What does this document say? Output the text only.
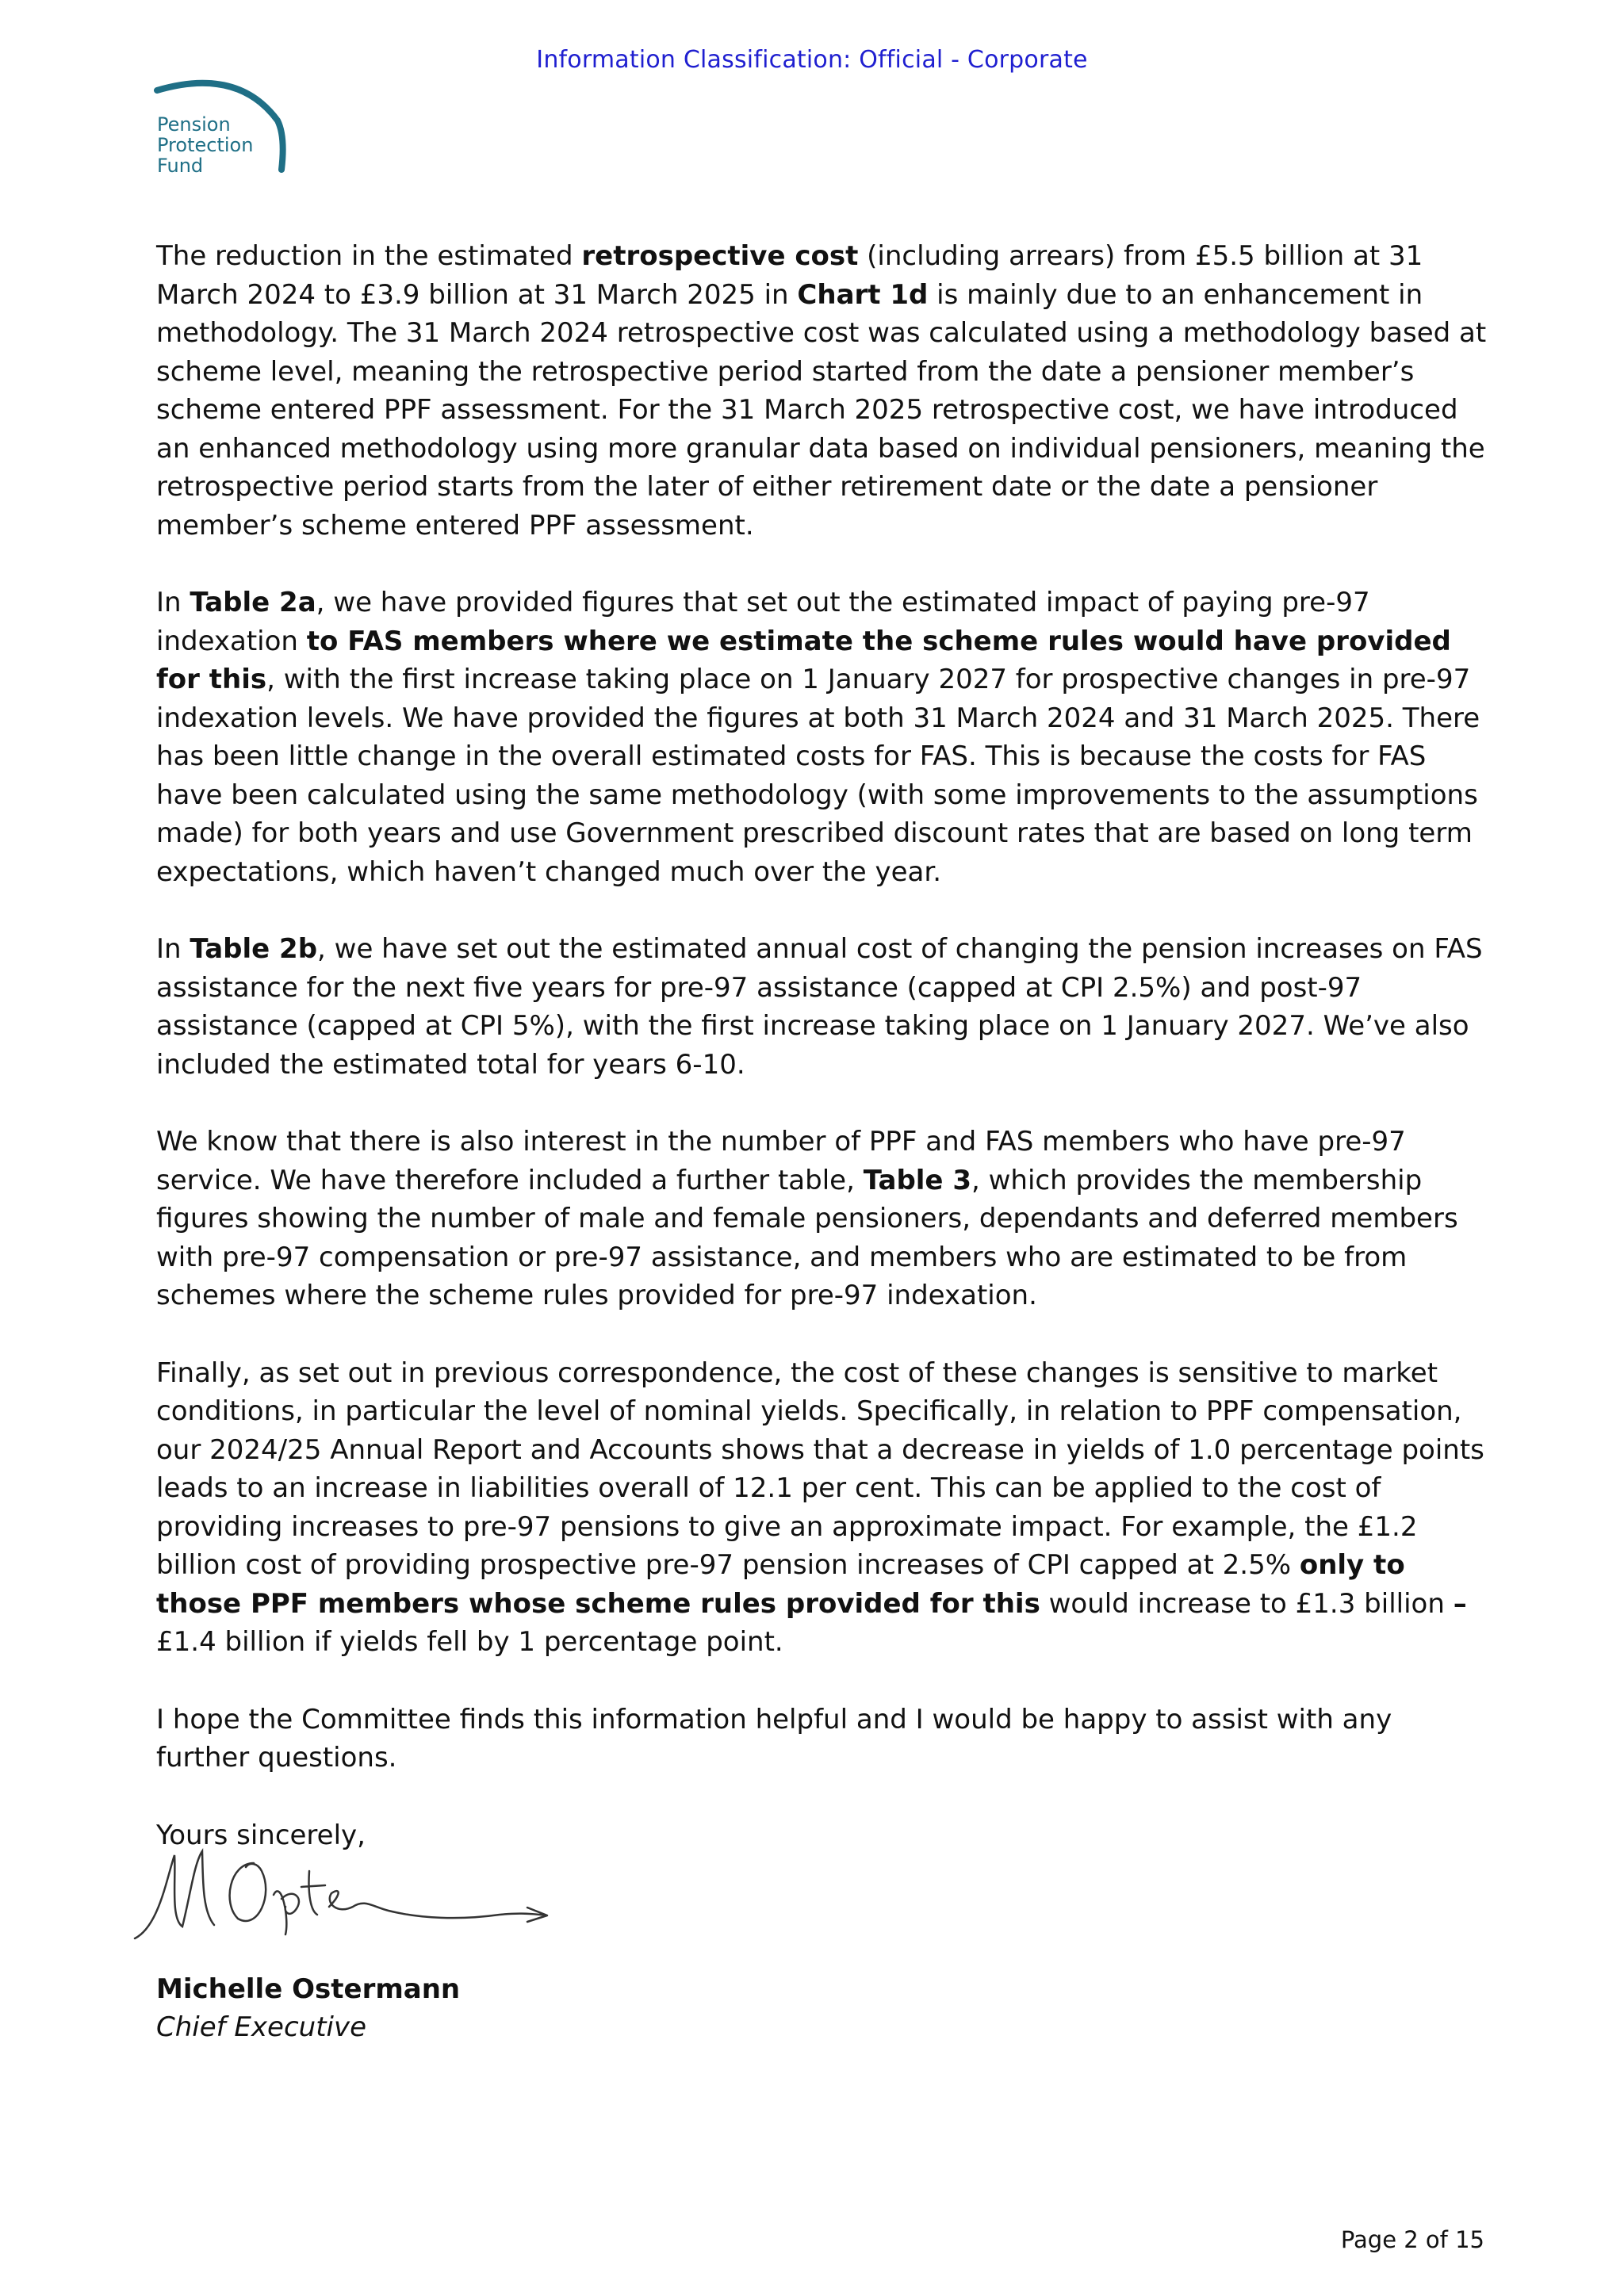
Information Classification: Official - Corporate
Pension
Protection
Fund

The reduction in the estimated retrospective cost (including arrears) from £5.5 billion at 31 March 2024 to £3.9 billion at 31 March 2025 in Chart 1d is mainly due to an enhancement in methodology. The 31 March 2024 retrospective cost was calculated using a methodology based at scheme level, meaning the retrospective period started from the date a pensioner member’s scheme entered PPF assessment. For the 31 March 2025 retrospective cost, we have introduced an enhanced methodology using more granular data based on individual pensioners, meaning the retrospective period starts from the later of either retirement date or the date a pensioner member’s scheme entered PPF assessment.

In Table 2a, we have provided figures that set out the estimated impact of paying pre-97 indexation to FAS members where we estimate the scheme rules would have provided for this, with the first increase taking place on 1 January 2027 for prospective changes in pre-97 indexation levels. We have provided the figures at both 31 March 2024 and 31 March 2025. There has been little change in the overall estimated costs for FAS. This is because the costs for FAS have been calculated using the same methodology (with some improvements to the assumptions made) for both years and use Government prescribed discount rates that are based on long term expectations, which haven’t changed much over the year.

In Table 2b, we have set out the estimated annual cost of changing the pension increases on FAS assistance for the next five years for pre-97 assistance (capped at CPI 2.5%) and post-97 assistance (capped at CPI 5%), with the first increase taking place on 1 January 2027. We’ve also included the estimated total for years 6-10.

We know that there is also interest in the number of PPF and FAS members who have pre-97 service. We have therefore included a further table, Table 3, which provides the membership figures showing the number of male and female pensioners, dependants and deferred members with pre-97 compensation or pre-97 assistance, and members who are estimated to be from schemes where the scheme rules provided for pre-97 indexation.

Finally, as set out in previous correspondence, the cost of these changes is sensitive to market conditions, in particular the level of nominal yields. Specifically, in relation to PPF compensation, our 2024/25 Annual Report and Accounts shows that a decrease in yields of 1.0 percentage points leads to an increase in liabilities overall of 12.1 per cent. This can be applied to the cost of providing increases to pre-97 pensions to give an approximate impact. For example, the £1.2 billion cost of providing prospective pre-97 pension increases of CPI capped at 2.5% only to those PPF members whose scheme rules provided for this would increase to £1.3 billion – £1.4 billion if yields fell by 1 percentage point.

I hope the Committee finds this information helpful and I would be happy to assist with any further questions.

Yours sincerely,

Michelle Ostermann
Chief Executive
Page 2 of 15
